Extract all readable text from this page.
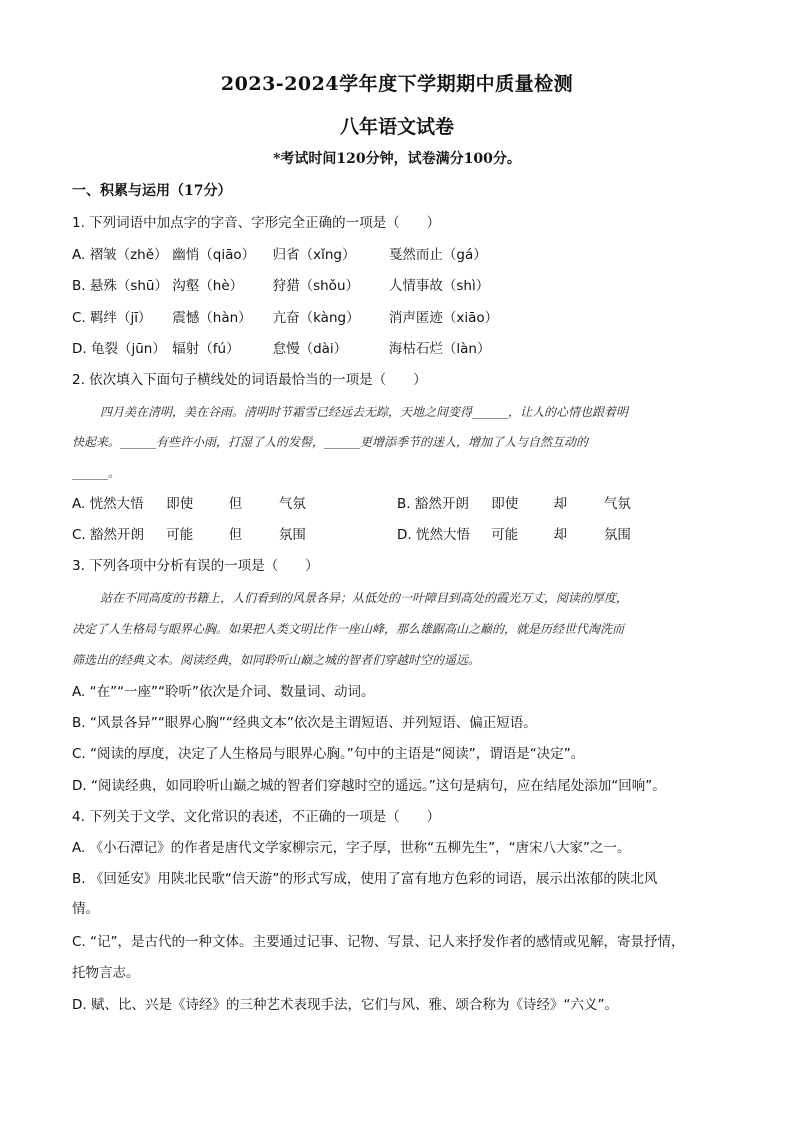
2023-2024学年度下学期期中质量检测
八年语文试卷
*考试时间120分钟，试卷满分100分。
一、积累与运用（17分）
1. 下列词语中加点字的字音、字形完全正确的一项是（　　）
A. 褶皱（zhě） 幽悄（qiāo） 归省（xǐng） 戛然而止（gá）
B. 悬殊（shū） 沟壑（hè） 狩猎（shǒu） 人情事故（shì）
C. 羁绊（jī） 震憾（hàn） 亢奋（kàng） 消声匿迹（xiāo）
D. 龟裂（jūn） 辐射（fú） 怠慢（dài）	海枯石烂（làn）
2. 依次填入下面句子横线处的词语最恰当的一项是（　　）
四月美在清明，美在谷雨。清明时节霜雪已经远去无踪，天地之间变得______，让人的心情也跟着明
快起来。______有些许小雨，打湿了人的发髻，______更增添季节的迷人，增加了人与自然互动的
______。
A. 恍然大悟 即使	但	气氛	B. 豁然开朗 即使	却	气氛
C. 豁然开朗 可能	但	氛围	D. 恍然大悟 可能	却	氛围
3. 下列各项中分析有误的一项是（　　）
站在不同高度的书籍上，人们看到的风景各异；从低处的一叶障目到高处的霞光万丈，阅读的厚度，
决定了人生格局与眼界心胸。如果把人类文明比作一座山峰，那么雄踞高山之巅的，就是历经世代淘洗而
筛选出的经典文本。阅读经典，如同聆听山巅之城的智者们穿越时空的遥远。
A. “在”“一座”“聆听”依次是介词、数量词、动词。
B. “风景各异”“眼界心胸”“经典文本”依次是主谓短语、并列短语、偏正短语。
C. “阅读的厚度，决定了人生格局与眼界心胸。”句中的主语是“阅读”，谓语是“决定”。
D. “阅读经典，如同聆听山巅之城的智者们穿越时空的遥远。”这句是病句，应在结尾处添加“回响”。
4. 下列关于文学、文化常识的表述，不正确的一项是（　　）
A. 《小石潭记》的作者是唐代文学家柳宗元，字子厚，世称“五柳先生”，“唐宋八大家”之一。
B. 《回延安》用陕北民歌“信天游”的形式写成，使用了富有地方色彩的词语，展示出浓郁的陕北风
情。
C. “记”，是古代的一种文体。主要通过记事、记物、写景、记人来抒发作者的感情或见解，寄景抒情，
托物言志。
D. 赋、比、兴是《诗经》的三种艺术表现手法，它们与风、雅、颂合称为《诗经》“六义”。
